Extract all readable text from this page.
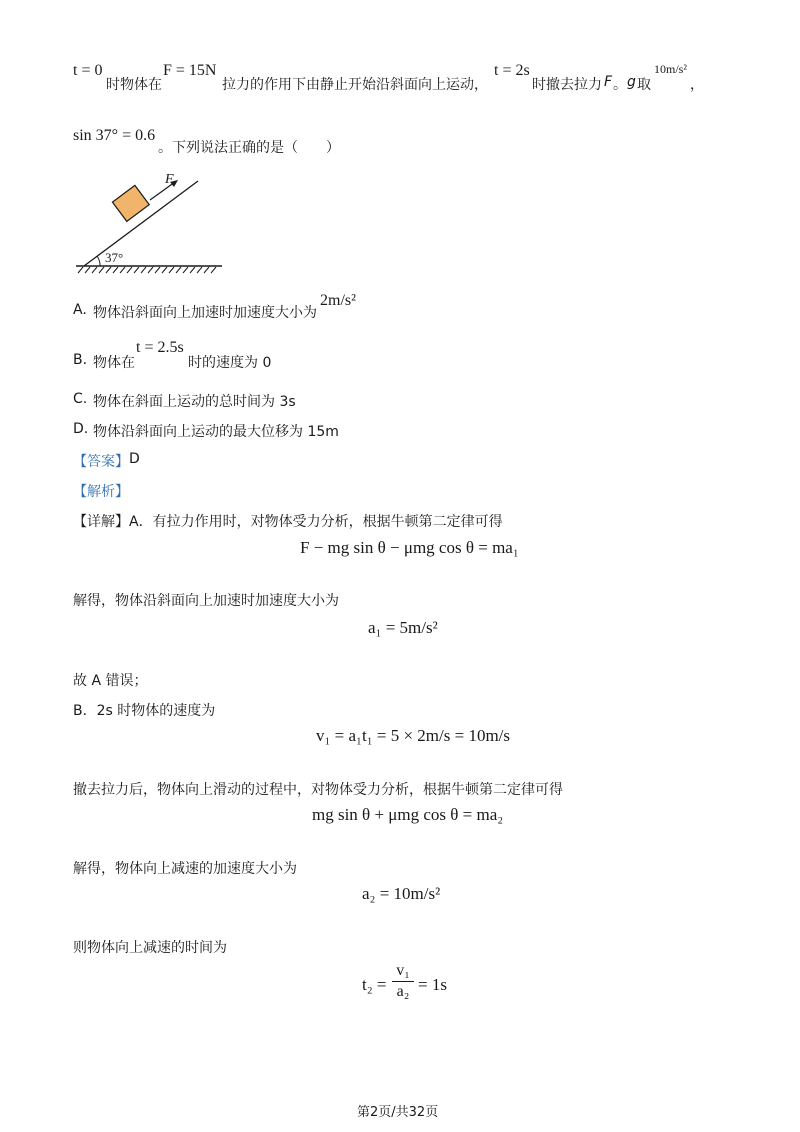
t = 0
时物体在
F = 15N
拉力的作用下由静止开始沿斜面向上运动，
t = 2s
时撤去拉力 F 。 g 取
10m/s²
，
sin 37° = 0.6
。下列说法正确的是（　　）
F
37°
A. 物体沿斜面向上加速时加速度大小为
2m/s²
B. 物体在
t = 2.5s
时的速度为 0
C. 物体在斜面上运动的总时间为 3s
D. 物体沿斜面向上运动的最大位移为 15m
【答案】 D
【解析】
【详解】 A．有拉力作用时，对物体受力分析，根据牛顿第二定律可得
F − mg sin θ − μmg cos θ = ma₁
解得，物体沿斜面向上加速时加速度大小为
a₁ = 5m/s²
故 A 错误；
B．2s 时物体的速度为
v₁ = a₁t₁ = 5 × 2m/s = 10m/s
撤去拉力后，物体向上滑动的过程中，对物体受力分析，根据牛顿第二定律可得
mg sin θ + μmg cos θ = ma₂
解得，物体向上减速的加速度大小为
a₂ = 10m/s²
则物体向上减速的时间为
t₂ =
v₁
a₂ = 1s
第2页/共32页
